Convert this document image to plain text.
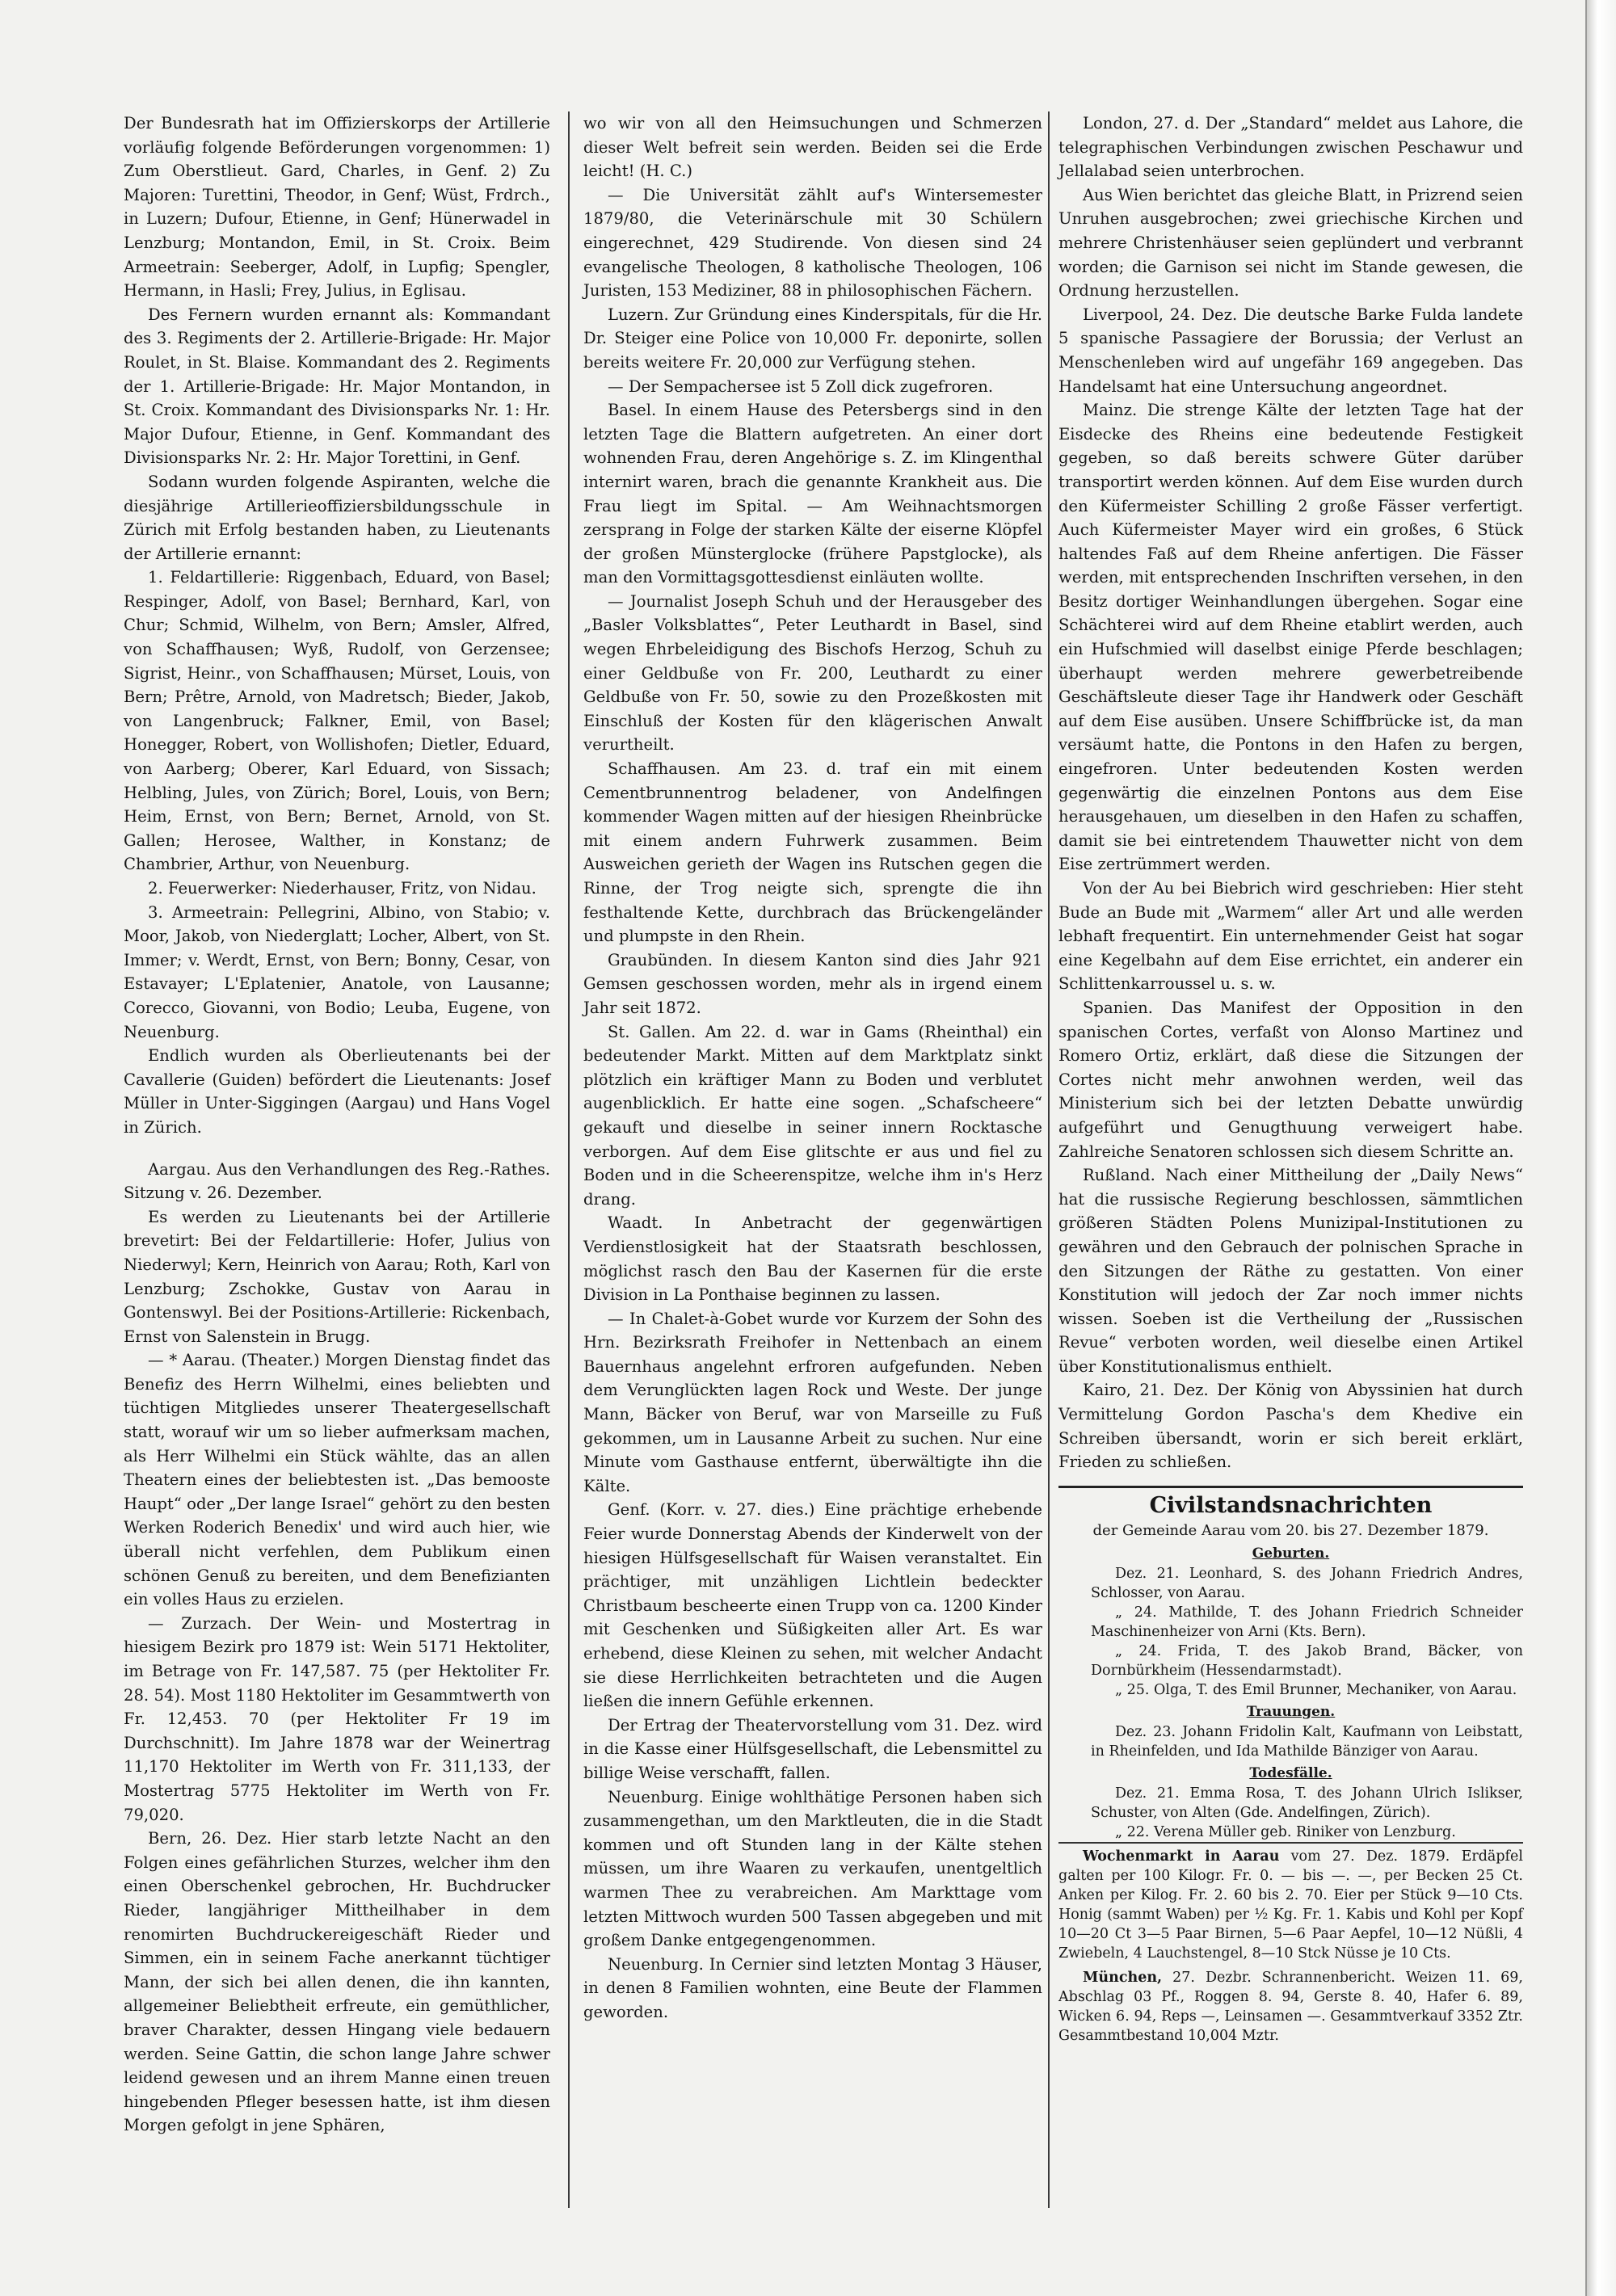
Der Bundesrath hat im Offizierskorps der Artillerie vorläufig folgende Beförderungen vorgenommen: 1) Zum Oberstlieut. Gard, Charles, in Genf. 2) Zu Majoren: Turettini, Theodor, in Genf; Wüst, Frdrch., in Luzern; Dufour, Etienne, in Genf; Hünerwadel in Lenzburg; Montandon, Emil, in St. Croix. Beim Armeetrain: Seeberger, Adolf, in Lupfig; Spengler, Hermann, in Hasli; Frey, Julius, in Eglisau.

Des Fernern wurden ernannt als: Kommandant des 3. Regiments der 2. Artillerie-Brigade: Hr. Major Roulet, in St. Blaise. Kommandant des 2. Regiments der 1. Artillerie-Brigade: Hr. Major Montandon, in St. Croix. Kommandant des Divisionsparks Nr. 1: Hr. Major Dufour, Etienne, in Genf. Kommandant des Divisionsparks Nr. 2: Hr. Major Torettini, in Genf.

Sodann wurden folgende Aspiranten, welche die diesjährige Artillerieoffiziersbildungsschule in Zürich mit Erfolg bestanden haben, zu Lieutenants der Artillerie ernannt:

1. Feldartillerie: Riggenbach, Eduard, von Basel; Respinger, Adolf, von Basel; Bernhard, Karl, von Chur; Schmid, Wilhelm, von Bern; Amsler, Alfred, von Schaffhausen; Wyß, Rudolf, von Gerzensee; Sigrist, Heinr., von Schaffhausen; Mürset, Louis, von Bern; Prêtre, Arnold, von Madretsch; Bieder, Jakob, von Langenbruck; Falkner, Emil, von Basel; Honegger, Robert, von Wollishofen; Dietler, Eduard, von Aarberg; Oberer, Karl Eduard, von Sissach; Helbling, Jules, von Zürich; Borel, Louis, von Bern; Heim, Ernst, von Bern; Bernet, Arnold, von St. Gallen; Herosee, Walther, in Konstanz; de Chambrier, Arthur, von Neuenburg.

2. Feuerwerker: Niederhauser, Fritz, von Nidau.

3. Armeetrain: Pellegrini, Albino, von Stabio; v. Moor, Jakob, von Niederglatt; Locher, Albert, von St. Immer; v. Werdt, Ernst, von Bern; Bonny, Cesar, von Estavayer; L'Eplatenier, Anatole, von Lausanne; Corecco, Giovanni, von Bodio; Leuba, Eugene, von Neuenburg.

Endlich wurden als Oberlieutenants bei der Cavallerie (Guiden) befördert die Lieutenants: Josef Müller in Unter-Siggingen (Aargau) und Hans Vogel in Zürich.

Aargau. Aus den Verhandlungen des Reg.-Rathes. Sitzung v. 26. Dezember.

Es werden zu Lieutenants bei der Artillerie brevetirt: Bei der Feldartillerie: Hofer, Julius von Niederwyl; Kern, Heinrich von Aarau; Roth, Karl von Lenzburg; Zschokke, Gustav von Aarau in Gontenswyl. Bei der Positions-Artillerie: Rickenbach, Ernst von Salenstein in Brugg.

— * Aarau. (Theater.) Morgen Dienstag findet das Benefiz des Herrn Wilhelmi, eines beliebten und tüchtigen Mitgliedes unserer Theatergesellschaft statt, worauf wir um so lieber aufmerksam machen, als Herr Wilhelmi ein Stück wählte, das an allen Theatern eines der beliebtesten ist. „Das bemooste Haupt“ oder „Der lange Israel“ gehört zu den besten Werken Roderich Benedix' und wird auch hier, wie überall nicht verfehlen, dem Publikum einen schönen Genuß zu bereiten, und dem Benefizianten ein volles Haus zu erzielen.

— Zurzach. Der Wein- und Mostertrag in hiesigem Bezirk pro 1879 ist: Wein 5171 Hektoliter, im Betrage von Fr. 147,587. 75 (per Hektoliter Fr. 28. 54). Most 1180 Hektoliter im Gesammtwerth von Fr. 12,453. 70 (per Hektoliter Fr 19 im Durchschnitt). Im Jahre 1878 war der Weinertrag 11,170 Hektoliter im Werth von Fr. 311,133, der Mostertrag 5775 Hektoliter im Werth von Fr. 79,020.

Bern, 26. Dez. Hier starb letzte Nacht an den Folgen eines gefährlichen Sturzes, welcher ihm den einen Oberschenkel gebrochen, Hr. Buchdrucker Rieder, langjähriger Mittheilhaber in dem renomirten Buchdruckereigeschäft Rieder und Simmen, ein in seinem Fache anerkannt tüchtiger Mann, der sich bei allen denen, die ihn kannten, allgemeiner Beliebtheit erfreute, ein gemüthlicher, braver Charakter, dessen Hingang viele bedauern werden. Seine Gattin, die schon lange Jahre schwer leidend gewesen und an ihrem Manne einen treuen hingebenden Pfleger besessen hatte, ist ihm diesen Morgen gefolgt in jene Sphären,

wo wir von all den Heimsuchungen und Schmerzen dieser Welt befreit sein werden. Beiden sei die Erde leicht! (H. C.)

— Die Universität zählt auf's Wintersemester 1879/80, die Veterinärschule mit 30 Schülern eingerechnet, 429 Studirende. Von diesen sind 24 evangelische Theologen, 8 katholische Theologen, 106 Juristen, 153 Mediziner, 88 in philosophischen Fächern.

Luzern. Zur Gründung eines Kinderspitals, für die Hr. Dr. Steiger eine Police von 10,000 Fr. deponirte, sollen bereits weitere Fr. 20,000 zur Verfügung stehen.

— Der Sempachersee ist 5 Zoll dick zugefroren.

Basel. In einem Hause des Petersbergs sind in den letzten Tage die Blattern aufgetreten. An einer dort wohnenden Frau, deren Angehörige s. Z. im Klingenthal internirt waren, brach die genannte Krankheit aus. Die Frau liegt im Spital. — Am Weihnachtsmorgen zersprang in Folge der starken Kälte der eiserne Klöpfel der großen Münsterglocke (frühere Papstglocke), als man den Vormittagsgottesdienst einläuten wollte.

— Journalist Joseph Schuh und der Herausgeber des „Basler Volksblattes“, Peter Leuthardt in Basel, sind wegen Ehrbeleidigung des Bischofs Herzog, Schuh zu einer Geldbuße von Fr. 200, Leuthardt zu einer Geldbuße von Fr. 50, sowie zu den Prozeßkosten mit Einschluß der Kosten für den klägerischen Anwalt verurtheilt.

Schaffhausen. Am 23. d. traf ein mit einem Cementbrunnentrog beladener, von Andelfingen kommender Wagen mitten auf der hiesigen Rheinbrücke mit einem andern Fuhrwerk zusammen. Beim Ausweichen gerieth der Wagen ins Rutschen gegen die Rinne, der Trog neigte sich, sprengte die ihn festhaltende Kette, durchbrach das Brückengeländer und plumpste in den Rhein.

Graubünden. In diesem Kanton sind dies Jahr 921 Gemsen geschossen worden, mehr als in irgend einem Jahr seit 1872.

St. Gallen. Am 22. d. war in Gams (Rheinthal) ein bedeutender Markt. Mitten auf dem Marktplatz sinkt plötzlich ein kräftiger Mann zu Boden und verblutet augenblicklich. Er hatte eine sogen. „Schafscheere“ gekauft und dieselbe in seiner innern Rocktasche verborgen. Auf dem Eise glitschte er aus und fiel zu Boden und in die Scheerenspitze, welche ihm in's Herz drang.

Waadt. In Anbetracht der gegenwärtigen Verdienstlosigkeit hat der Staatsrath beschlossen, möglichst rasch den Bau der Kasernen für die erste Division in La Ponthaise beginnen zu lassen.

— In Chalet-à-Gobet wurde vor Kurzem der Sohn des Hrn. Bezirksrath Freihofer in Nettenbach an einem Bauernhaus angelehnt erfroren aufgefunden. Neben dem Verunglückten lagen Rock und Weste. Der junge Mann, Bäcker von Beruf, war von Marseille zu Fuß gekommen, um in Lausanne Arbeit zu suchen. Nur eine Minute vom Gasthause entfernt, überwältigte ihn die Kälte.

Genf. (Korr. v. 27. dies.) Eine prächtige erhebende Feier wurde Donnerstag Abends der Kinderwelt von der hiesigen Hülfsgesellschaft für Waisen veranstaltet. Ein prächtiger, mit unzähligen Lichtlein bedeckter Christbaum bescheerte einen Trupp von ca. 1200 Kinder mit Geschenken und Süßigkeiten aller Art. Es war erhebend, diese Kleinen zu sehen, mit welcher Andacht sie diese Herrlichkeiten betrachteten und die Augen ließen die innern Gefühle erkennen.

Der Ertrag der Theatervorstellung vom 31. Dez. wird in die Kasse einer Hülfsgesellschaft, die Lebensmittel zu billige Weise verschafft, fallen.

Neuenburg. Einige wohlthätige Personen haben sich zusammengethan, um den Marktleuten, die in die Stadt kommen und oft Stunden lang in der Kälte stehen müssen, um ihre Waaren zu verkaufen, unentgeltlich warmen Thee zu verabreichen. Am Markttage vom letzten Mittwoch wurden 500 Tassen abgegeben und mit großem Danke entgegengenommen.

Neuenburg. In Cernier sind letzten Montag 3 Häuser, in denen 8 Familien wohnten, eine Beute der Flammen geworden.

London, 27. d. Der „Standard“ meldet aus Lahore, die telegraphischen Verbindungen zwischen Peschawur und Jellalabad seien unterbrochen.

Aus Wien berichtet das gleiche Blatt, in Prizrend seien Unruhen ausgebrochen; zwei griechische Kirchen und mehrere Christenhäuser seien geplündert und verbrannt worden; die Garnison sei nicht im Stande gewesen, die Ordnung herzustellen.

Liverpool, 24. Dez. Die deutsche Barke Fulda landete 5 spanische Passagiere der Borussia; der Verlust an Menschenleben wird auf ungefähr 169 angegeben. Das Handelsamt hat eine Untersuchung angeordnet.

Mainz. Die strenge Kälte der letzten Tage hat der Eisdecke des Rheins eine bedeutende Festigkeit gegeben, so daß bereits schwere Güter darüber transportirt werden können. Auf dem Eise wurden durch den Küfermeister Schilling 2 große Fässer verfertigt. Auch Küfermeister Mayer wird ein großes, 6 Stück haltendes Faß auf dem Rheine anfertigen. Die Fässer werden, mit entsprechenden Inschriften versehen, in den Besitz dortiger Weinhandlungen übergehen. Sogar eine Schächterei wird auf dem Rheine etablirt werden, auch ein Hufschmied will daselbst einige Pferde beschlagen; überhaupt werden mehrere gewerbetreibende Geschäftsleute dieser Tage ihr Handwerk oder Geschäft auf dem Eise ausüben. Unsere Schiffbrücke ist, da man versäumt hatte, die Pontons in den Hafen zu bergen, eingefroren. Unter bedeutenden Kosten werden gegenwärtig die einzelnen Pontons aus dem Eise herausgehauen, um dieselben in den Hafen zu schaffen, damit sie bei eintretendem Thauwetter nicht von dem Eise zertrümmert werden.

Von der Au bei Biebrich wird geschrieben: Hier steht Bude an Bude mit „Warmem“ aller Art und alle werden lebhaft frequentirt. Ein unternehmender Geist hat sogar eine Kegelbahn auf dem Eise errichtet, ein anderer ein Schlittenkarroussel u. s. w.

Spanien. Das Manifest der Opposition in den spanischen Cortes, verfaßt von Alonso Martinez und Romero Ortiz, erklärt, daß diese die Sitzungen der Cortes nicht mehr anwohnen werden, weil das Ministerium sich bei der letzten Debatte unwürdig aufgeführt und Genugthuung verweigert habe. Zahlreiche Senatoren schlossen sich diesem Schritte an.

Rußland. Nach einer Mittheilung der „Daily News“ hat die russische Regierung beschlossen, sämmtlichen größeren Städten Polens Munizipal-Institutionen zu gewähren und den Gebrauch der polnischen Sprache in den Sitzungen der Räthe zu gestatten. Von einer Konstitution will jedoch der Zar noch immer nichts wissen. Soeben ist die Vertheilung der „Russischen Revue“ verboten worden, weil dieselbe einen Artikel über Konstitutionalismus enthielt.

Kairo, 21. Dez. Der König von Abyssinien hat durch Vermittelung Gordon Pascha's dem Khedive ein Schreiben übersandt, worin er sich bereit erklärt, Frieden zu schließen.

Civilstandsnachrichten
der Gemeinde Aarau vom 20. bis 27. Dezember 1879.
Geburten.

Dez. 21. Leonhard, S. des Johann Friedrich Andres, Schlosser, von Aarau.

„ 24. Mathilde, T. des Johann Friedrich Schneider Maschinenheizer von Arni (Kts. Bern).

„ 24. Frida, T. des Jakob Brand, Bäcker, von Dornbürkheim (Hessendarmstadt).

„ 25. Olga, T. des Emil Brunner, Mechaniker, von Aarau.

Trauungen.

Dez. 23. Johann Fridolin Kalt, Kaufmann von Leibstatt, in Rheinfelden, und Ida Mathilde Bänziger von Aarau.

Todesfälle.

Dez. 21. Emma Rosa, T. des Johann Ulrich Islikser, Schuster, von Alten (Gde. Andelfingen, Zürich).

„ 22. Verena Müller geb. Riniker von Lenzburg.

Wochenmarkt in Aarau vom 27. Dez. 1879. Erdäpfel galten per 100 Kilogr. Fr. 0. — bis —. —, per Becken 25 Ct. Anken per Kilog. Fr. 2. 60 bis 2. 70. Eier per Stück 9—10 Cts. Honig (sammt Waben) per ½ Kg. Fr. 1. Kabis und Kohl per Kopf 10—20 Ct 3—5 Paar Birnen, 5—6 Paar Aepfel, 10—12 Nüßli, 4 Zwiebeln, 4 Lauchstengel, 8—10 Stck Nüsse je 10 Cts.

München, 27. Dezbr. Schrannenbericht. Weizen 11. 69, Abschlag 03 Pf., Roggen 8. 94, Gerste 8. 40, Hafer 6. 89, Wicken 6. 94, Reps —, Leinsamen —. Gesammtverkauf 3352 Ztr. Gesammtbestand 10,004 Mztr.
